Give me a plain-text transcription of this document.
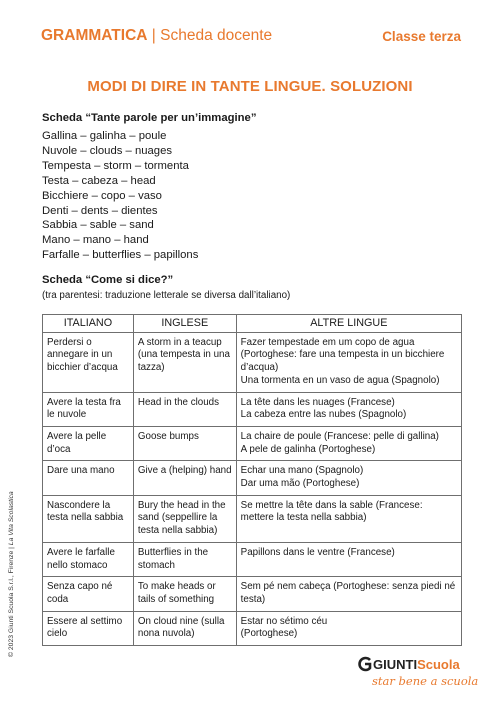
GRAMMATICA | Scheda docente	Classe terza
MODI DI DIRE IN TANTE LINGUE. SOLUZIONI
Scheda “Tante parole per un’immagine”
Gallina – galinha – poule
Nuvole – clouds – nuages
Tempesta – storm – tormenta
Testa – cabeza – head
Bicchiere – copo – vaso
Denti – dents – dientes
Sabbia – sable – sand
Mano – mano – hand
Farfalle – butterflies – papillons
Scheda “Come si dice?”
(tra parentesi: traduzione letterale se diversa dall’italiano)
ITALIANO	INGLESE	ALTRE LINGUE
Perdersi o annegare in un bicchier d’acqua	A storm in a teacup (una tempesta in una tazza)	Fazer tempestade em um copo de agua (Portoghese: fare una tempesta in un bicchiere d’acqua)
Una tormenta en un vaso de agua (Spagnolo)

Avere la testa fra le nuvole	Head in the clouds	La tête dans les nuages (Francese)
La cabeza entre las nubes (Spagnolo)

Avere la pelle d’oca	Goose bumps	La chaire de poule (Francese: pelle di gallina)
A pele de galinha (Portoghese)

Dare una mano	Give a (helping) hand	Echar una mano (Spagnolo)
Dar uma mão (Portoghese)

Nascondere la testa nella sabbia	Bury the head in the sand (seppellire la testa nella sabbia)	Se mettre la tête dans la sable (Francese: mettere la testa nella sabbia)

Avere le farfalle nello stomaco	Butterflies in the stomach	Papillons dans le ventre (Francese)

Senza capo né coda	To make heads or tails of something	Sem pé nem cabeça (Portoghese: senza piedi né testa)

Essere al settimo cielo	On cloud nine (sulla nona nuvola)	Estar no sétimo céu
(Portoghese)
© 2023 Giunti Scuola S.r.l., Firenze | La Vita Scolastica
GIUNTIScuola
star bene a scuola
